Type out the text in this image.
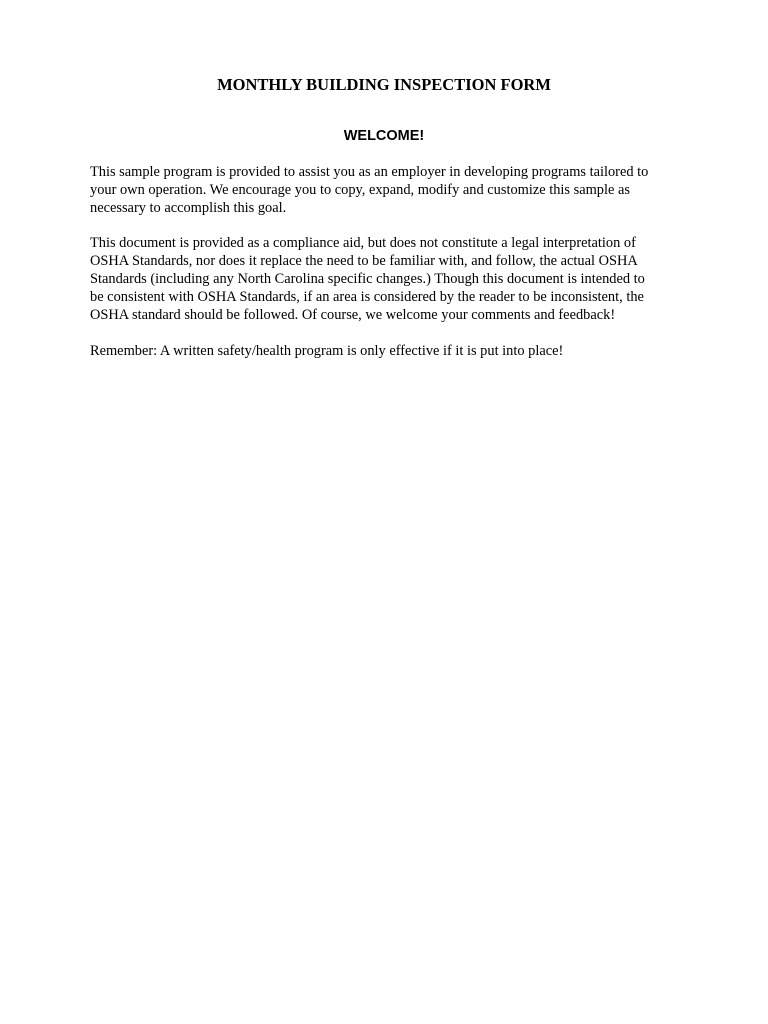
MONTHLY BUILDING INSPECTION FORM
WELCOME!

This sample program is provided to assist you as an employer in developing programs tailored to
your own operation. We encourage you to copy, expand, modify and customize this sample as
necessary to accomplish this goal.

This document is provided as a compliance aid, but does not constitute a legal interpretation of
OSHA Standards, nor does it replace the need to be familiar with, and follow, the actual OSHA
Standards (including any North Carolina specific changes.) Though this document is intended to
be consistent with OSHA Standards, if an area is considered by the reader to be inconsistent, the
OSHA standard should be followed. Of course, we welcome your comments and feedback!

Remember: A written safety/health program is only effective if it is put into place!
